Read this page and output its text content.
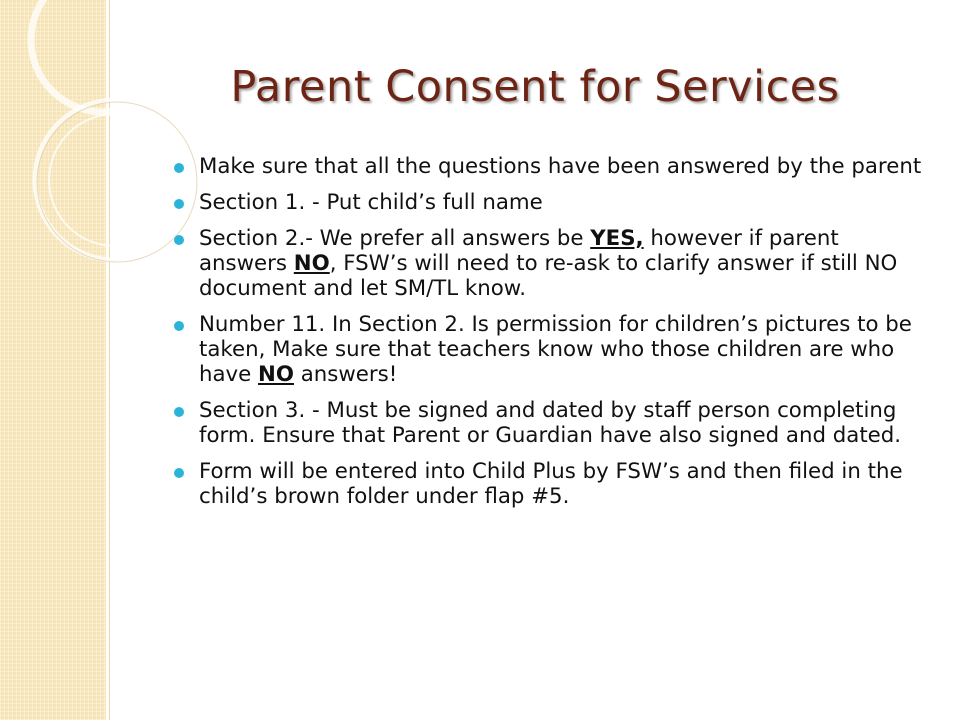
Parent Consent for Services
Make sure that all the questions have been answered by the parent
Section 1. - Put child’s full name
Section 2.- We prefer all answers be YES, however if parent answers NO, FSW’s will need to re-ask to clarify answer if still NO document and let SM/TL know.
Number 11. In Section 2. Is permission for children’s pictures to be taken, Make sure that teachers know who those children are who have NO answers!
Section 3. - Must be signed and dated by staff person completing form. Ensure that Parent or Guardian have also signed and dated.
Form will be entered into Child Plus by FSW’s and then filed in the child’s brown folder under flap #5.
